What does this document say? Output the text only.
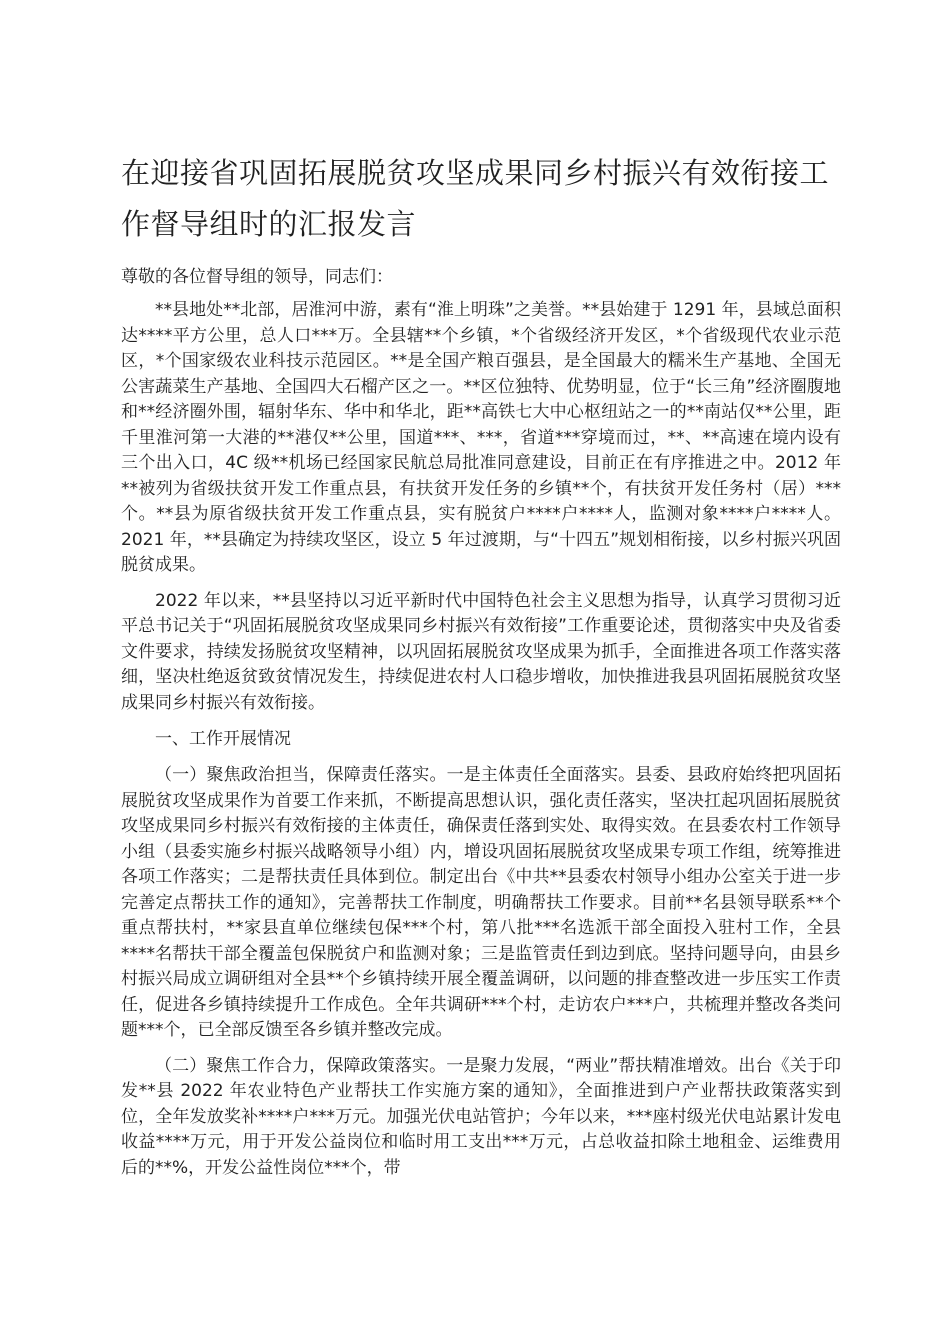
在迎接省巩固拓展脱贫攻坚成果同乡村振兴有效衔接工作督导组时的汇报发言

尊敬的各位督导组的领导，同志们：

**县地处**北部，居淮河中游，素有“淮上明珠”之美誉。**县始建于 1291 年，县域总面积达****平方公里，总人口***万。全县辖**个乡镇，*个省级经济开发区，*个省级现代农业示范区，*个国家级农业科技示范园区。**是全国产粮百强县，是全国最大的糯米生产基地、全国无公害蔬菜生产基地、全国四大石榴产区之一。**区位独特、优势明显，位于“长三角”经济圈腹地和**经济圈外围，辐射华东、华中和华北，距**高铁七大中心枢纽站之一的**南站仅**公里，距千里淮河第一大港的**港仅**公里，国道***、***，省道***穿境而过，**、**高速在境内设有三个出入口，4C 级**机场已经国家民航总局批准同意建设，目前正在有序推进之中。2012 年**被列为省级扶贫开发工作重点县，有扶贫开发任务的乡镇**个，有扶贫开发任务村（居）***个。**县为原省级扶贫开发工作重点县，实有脱贫户****户****人，监测对象****户****人。2021 年，**县确定为持续攻坚区，设立 5 年过渡期，与“十四五”规划相衔接，以乡村振兴巩固脱贫成果。

2022 年以来，**县坚持以习近平新时代中国特色社会主义思想为指导，认真学习贯彻习近平总书记关于“巩固拓展脱贫攻坚成果同乡村振兴有效衔接”工作重要论述，贯彻落实中央及省委文件要求，持续发扬脱贫攻坚精神，以巩固拓展脱贫攻坚成果为抓手，全面推进各项工作落实落细，坚决杜绝返贫致贫情况发生，持续促进农村人口稳步增收，加快推进我县巩固拓展脱贫攻坚成果同乡村振兴有效衔接。

一、工作开展情况

（一）聚焦政治担当，保障责任落实。一是主体责任全面落实。县委、县政府始终把巩固拓展脱贫攻坚成果作为首要工作来抓，不断提高思想认识，强化责任落实，坚决扛起巩固拓展脱贫攻坚成果同乡村振兴有效衔接的主体责任，确保责任落到实处、取得实效。在县委农村工作领导小组（县委实施乡村振兴战略领导小组）内，增设巩固拓展脱贫攻坚成果专项工作组，统筹推进各项工作落实；二是帮扶责任具体到位。制定出台《中共**县委农村领导小组办公室关于进一步完善定点帮扶工作的通知》，完善帮扶工作制度，明确帮扶工作要求。目前**名县领导联系**个重点帮扶村，**家县直单位继续包保***个村，第八批***名选派干部全面投入驻村工作，全县****名帮扶干部全覆盖包保脱贫户和监测对象；三是监管责任到边到底。坚持问题导向，由县乡村振兴局成立调研组对全县**个乡镇持续开展全覆盖调研，以问题的排查整改进一步压实工作责任，促进各乡镇持续提升工作成色。全年共调研***个村，走访农户***户，共梳理并整改各类问题***个，已全部反馈至各乡镇并整改完成。

（二）聚焦工作合力，保障政策落实。一是聚力发展，“两业”帮扶精准增效。出台《关于印发**县 2022 年农业特色产业帮扶工作实施方案的通知》，全面推进到户产业帮扶政策落实到位，全年发放奖补****户***万元。加强光伏电站管护；今年以来，***座村级光伏电站累计发电收益****万元，用于开发公益岗位和临时用工支出***万元，占总收益扣除土地租金、运维费用后的**%，开发公益性岗位***个，带
